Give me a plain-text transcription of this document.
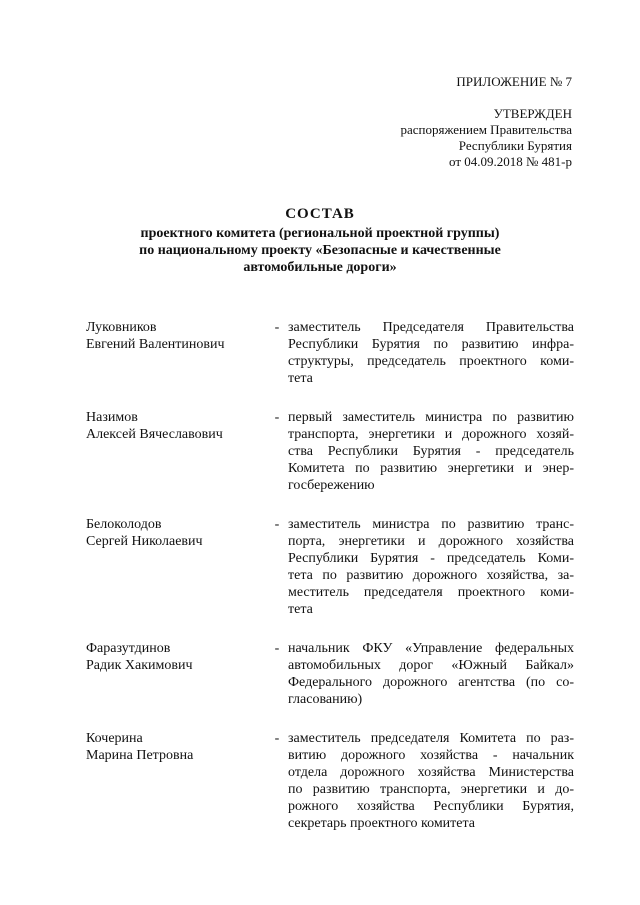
ПРИЛОЖЕНИЕ № 7
УТВЕРЖДЕН
распоряжением Правительства
Республики Бурятия
от 04.09.2018 № 481-р
СОСТАВ
проектного комитета (региональной проектной группы)
по национальному проекту «Безопасные и качественные
автомобильные дороги»
Луковников
Евгений Валентинович
- заместитель Председателя Правительства
Республики Бурятия по развитию инфра-
структуры, председатель проектного коми-
тета
Назимов
Алексей Вячеславович
- первый заместитель министра по развитию
транспорта, энергетики и дорожного хозяй-
ства Республики Бурятия - председатель
Комитета по развитию энергетики и энер-
госбережению
Белоколодов
Сергей Николаевич
- заместитель министра по развитию транс-
порта, энергетики и дорожного хозяйства
Республики Бурятия - председатель Коми-
тета по развитию дорожного хозяйства, за-
меститель председателя проектного коми-
тета
Фаразутдинов
Радик Хакимович
- начальник ФКУ «Управление федеральных
автомобильных дорог «Южный Байкал»
Федерального дорожного агентства (по со-
гласованию)
Кочерина
Марина Петровна
- заместитель председателя Комитета по раз-
витию дорожного хозяйства - начальник
отдела дорожного хозяйства Министерства
по развитию транспорта, энергетики и до-
рожного хозяйства Республики Бурятия,
секретарь проектного комитета
